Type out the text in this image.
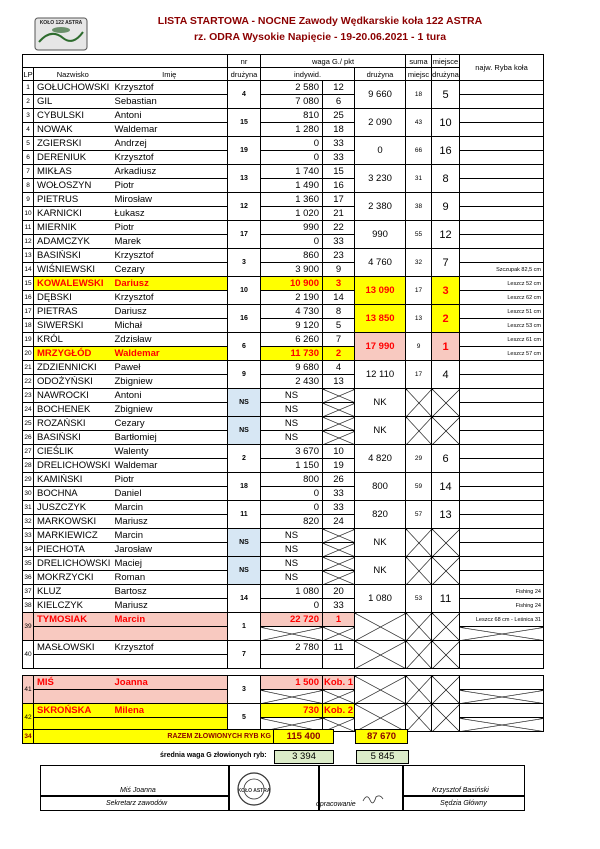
KOŁO 122 ASTRA	LISTA STARTOWA - NOCNE Zawody Wędkarskie koła 122 ASTRA
rz. ODRA Wysokie Napięcie - 19-20.06.2021 - 1 tura
			nr	waga G./ pkt			suma	miejsce	najw. Ryba koła
LP	Nazwisko	Imię	drużyna	indywid.		drużyna	miejsc	drużyna	
1	GOŁUCHOWSKI	Krzysztof	4	2 580	12	9 660	18	5	
2	GIL	Sebastian		7 080	6				
3	CYBULSKI	Antoni	15	810	25	2 090	43	10	
4	NOWAK	Waldemar		1 280	18				
5	ZGIERSKI	Andrzej	19	0	33	0	66	16	
6	DERENIUK	Krzysztof		0	33				
7	MIKŁAS	Arkadiusz	13	1 740	15	3 230	31	8	
8	WOŁOSZYN	Piotr		1 490	16				
9	PIETRUS	Mirosław	12	1 360	17	2 380	38	9	
10	KARNICKI	Łukasz		1 020	21				
11	MIERNIK	Piotr	17	990	22	990	55	12	
12	ADAMCZYK	Marek		0	33				
13	BASIŃSKI	Krzysztof	3	860	23	4 760	32	7	
14	WIŚNIEWSKI	Cezary		3 900	9				Szczupak 82,5 cm
15	KOWALEWSKI	Dariusz	10	10 900	3	13 090	17	3	Leszcz 52 cm
16	DĘBSKI	Krzysztof		2 190	14				Leszcz 62 cm
17	PIETRAS	Dariusz	16	4 730	8	13 850	13	2	Leszcz 51 cm
18	SIWERSKI	Michał		9 120	5				Leszcz 53 cm
19	KRÓL	Zdzisław	6	6 260	7	17 990	9	1	Leszcz 61 cm
20	MRZYGŁÓD	Waldemar		11 730	2				Leszcz 57 cm
21	ZDZIENNICKI	Paweł	9	9 680	4	12 110	17	4	
22	ODOŻYŃSKI	Zbigniew		2 430	13				
23	NAWROCKI	Antoni	NS	NS		NK			
24	BOCHENEK	Zbigniew		NS					
25	ROZAŃSKI	Cezary	NS	NS		NK			
26	BASIŃSKI	Bartłomiej		NS					
27	CIEŚLIK	Walenty	2	3 670	10	4 820	29	6	
28	DRELICHOWSKI	Waldemar		1 150	19				
29	KAMIŃSKI	Piotr	18	800	26	800	59	14	
30	BOCHNA	Daniel		0	33				
31	JUSZCZYK	Marcin	11	0	33	820	57	13	
32	MARKOWSKI	Mariusz		820	24				
33	MARKIEWICZ	Marcin	NS	NS		NK			
34	PIECHOTA	Jarosław		NS					
35	DRELICHOWSKI	Maciej	NS	NS		NK			
36	MOKRZYCKI	Roman		NS					
37	KLUZ	Bartosz	14	1 080	20	1 080	53	11	Fishing 24
38	KIELCZYK	Mariusz		0	33				Fishing 24
39	TYMOSIAK	Marcin	1	22 720	1				Leszcz 68 cm - Leśnica 31

40	MASŁOWSKI	Krzysztof	7	2 780	11				

41	MIŚ	Joanna	3	1 500	Kob. 1				

42	SKROŃSKA	Milena	5	730	Kob. 2				

34	RAZEM ZŁOWIONYCH RYB KG	115 400	87 670
średnia waga G złowionych ryb:	3 394	5 845
Miś Joanna
Sekretarz zawodów
KOŁO ASTRA
opracowanie
Krzysztof Basiński
Sędzia Główny
